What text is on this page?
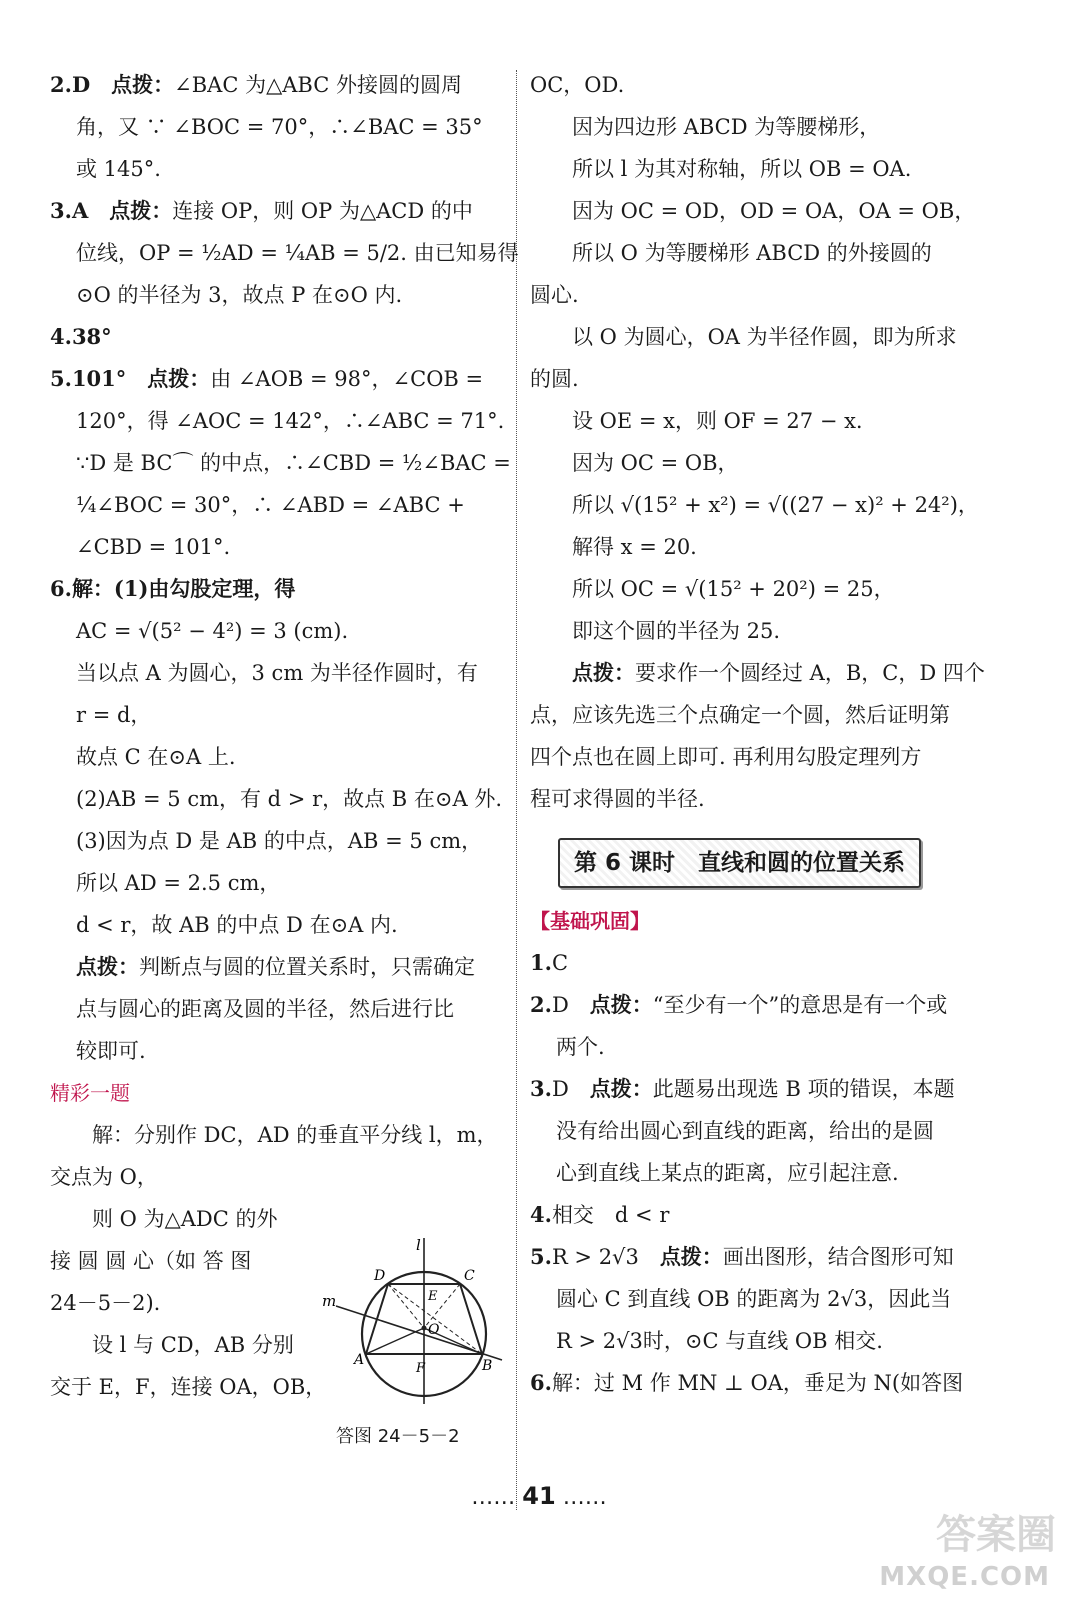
2.D　 点拨：∠BAC 为△ABC 外接圆的圆周
角，又 ∵ ∠BOC = 70°，∴∠BAC = 35°
或 145°.
3.A　 点拨：连接 OP，则 OP 为△ACD 的中
位线，OP = ½AD = ¼AB = 5/2. 由已知易得
⊙O 的半径为 3，故点 P 在⊙O 内.
4.38°
5.101°　 点拨：由 ∠AOB = 98°，∠COB =
120°，得 ∠AOC = 142°，∴∠ABC = 71°.
∵D 是 BC⌒ 的中点，∴∠CBD = ½∠BAC =
¼∠BOC = 30°，∴ ∠ABD = ∠ABC +
∠CBD = 101°.
6.解：(1)由勾股定理，得
AC = √(5² − 4²) = 3 (cm).
当以点 A 为圆心，3 cm 为半径作圆时，有
r = d，
故点 C 在⊙A 上.
(2)AB = 5 cm，有 d > r，故点 B 在⊙A 外.
(3)因为点 D 是 AB 的中点，AB = 5 cm，
所以 AD = 2.5 cm，
d < r，故 AB 的中点 D 在⊙A 内.
点拨：判断点与圆的位置关系时，只需确定
点与圆心的距离及圆的半径，然后进行比
较即可.
精彩一题
解：分别作 DC，AD 的垂直平分线 l，m，
交点为 O，
则 O 为△ADC 的外
接 圆 圆 心（如 答 图
24－5－2).
设 l 与 CD，AB 分别
交于 E，F，连接 OA，OB，
OC，OD.
因为四边形 ABCD 为等腰梯形，
所以 l 为其对称轴，所以 OB = OA.
因为 OC = OD，OD = OA，OA = OB，
所以 O 为等腰梯形 ABCD 的外接圆的
圆心.
以 O 为圆心，OA 为半径作圆，即为所求
的圆.
设 OE = x，则 OF = 27 − x.
因为 OC = OB，
所以 √(15² + x²) = √((27 − x)² + 24²)，
解得 x = 20.
所以 OC = √(15² + 20²) = 25，
即这个圆的半径为 25.
点拨：要求作一个圆经过 A，B，C，D 四个
点，应该先选三个点确定一个圆，然后证明第
四个点也在圆上即可. 再利用勾股定理列方
程可求得圆的半径.
第 6 课时　直线和圆的位置关系
【基础巩固】
1.C
2.D　 点拨：“至少有一个”的意思是有一个或
两个.
3.D　 点拨：此题易出现选 B 项的错误，本题
没有给出圆心到直线的距离，给出的是圆
心到直线上某点的距离，应引起注意.
4.相交　d < r
5.R > 2√3　 点拨：画出图形，结合图形可知
圆心 C 到直线 OB 的距离为 2√3，因此当
R > 2√3时，⊙C 与直线 OB 相交.
6.解：过 M 作 MN ⊥ OA，垂足为 N(如答图
l
m
D	C
E
O
A
F	B
答图 24－5－2
…… 41 ……
答案圈
MXQE.COM
